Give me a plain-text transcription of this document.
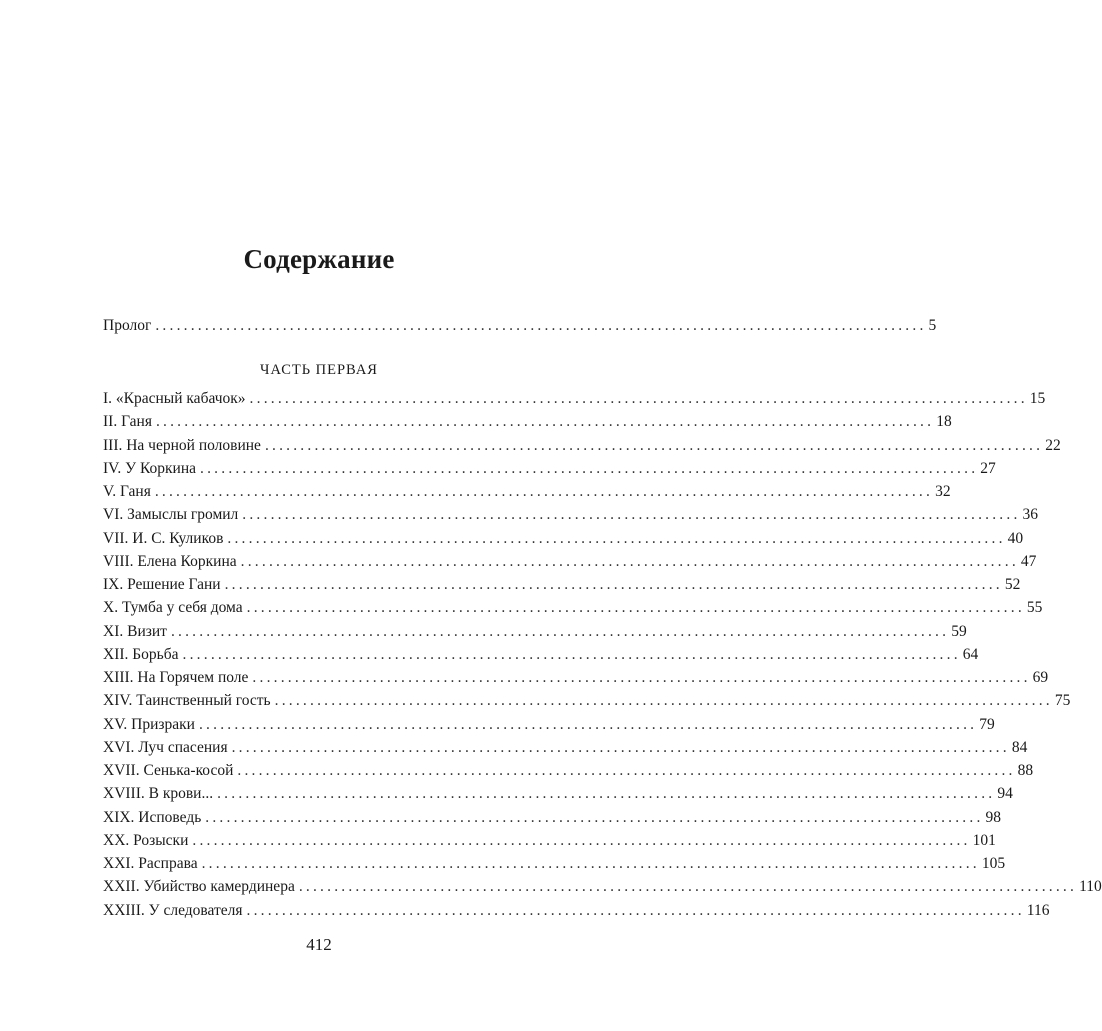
Содержание
Пролог ............................................................................................................. 5
ЧАСТЬ ПЕРВАЯ
I. «Красный кабачок» .............................................................................................................. 15
II. Ганя .............................................................................................................. 18
III. На черной половине .............................................................................................................. 22
IV. У Коркина .............................................................................................................. 27
V. Ганя .............................................................................................................. 32
VI. Замыслы громил .............................................................................................................. 36
VII. И. С. Куликов .............................................................................................................. 40
VIII. Елена Коркина .............................................................................................................. 47
IX. Решение Гани .............................................................................................................. 52
X. Тумба у себя дома .............................................................................................................. 55
XI. Визит .............................................................................................................. 59
XII. Борьба .............................................................................................................. 64
XIII. На Горячем поле .............................................................................................................. 69
XIV. Таинственный гость .............................................................................................................. 75
XV. Призраки .............................................................................................................. 79
XVI. Луч спасения .............................................................................................................. 84
XVII. Сенька-косой .............................................................................................................. 88
XVIII. В крови... .............................................................................................................. 94
XIX. Исповедь .............................................................................................................. 98
XX. Розыски .............................................................................................................. 101
XXI. Расправа .............................................................................................................. 105
XXII. Убийство камердинера .............................................................................................................. 110
XXIII. У следователя .............................................................................................................. 116
412
